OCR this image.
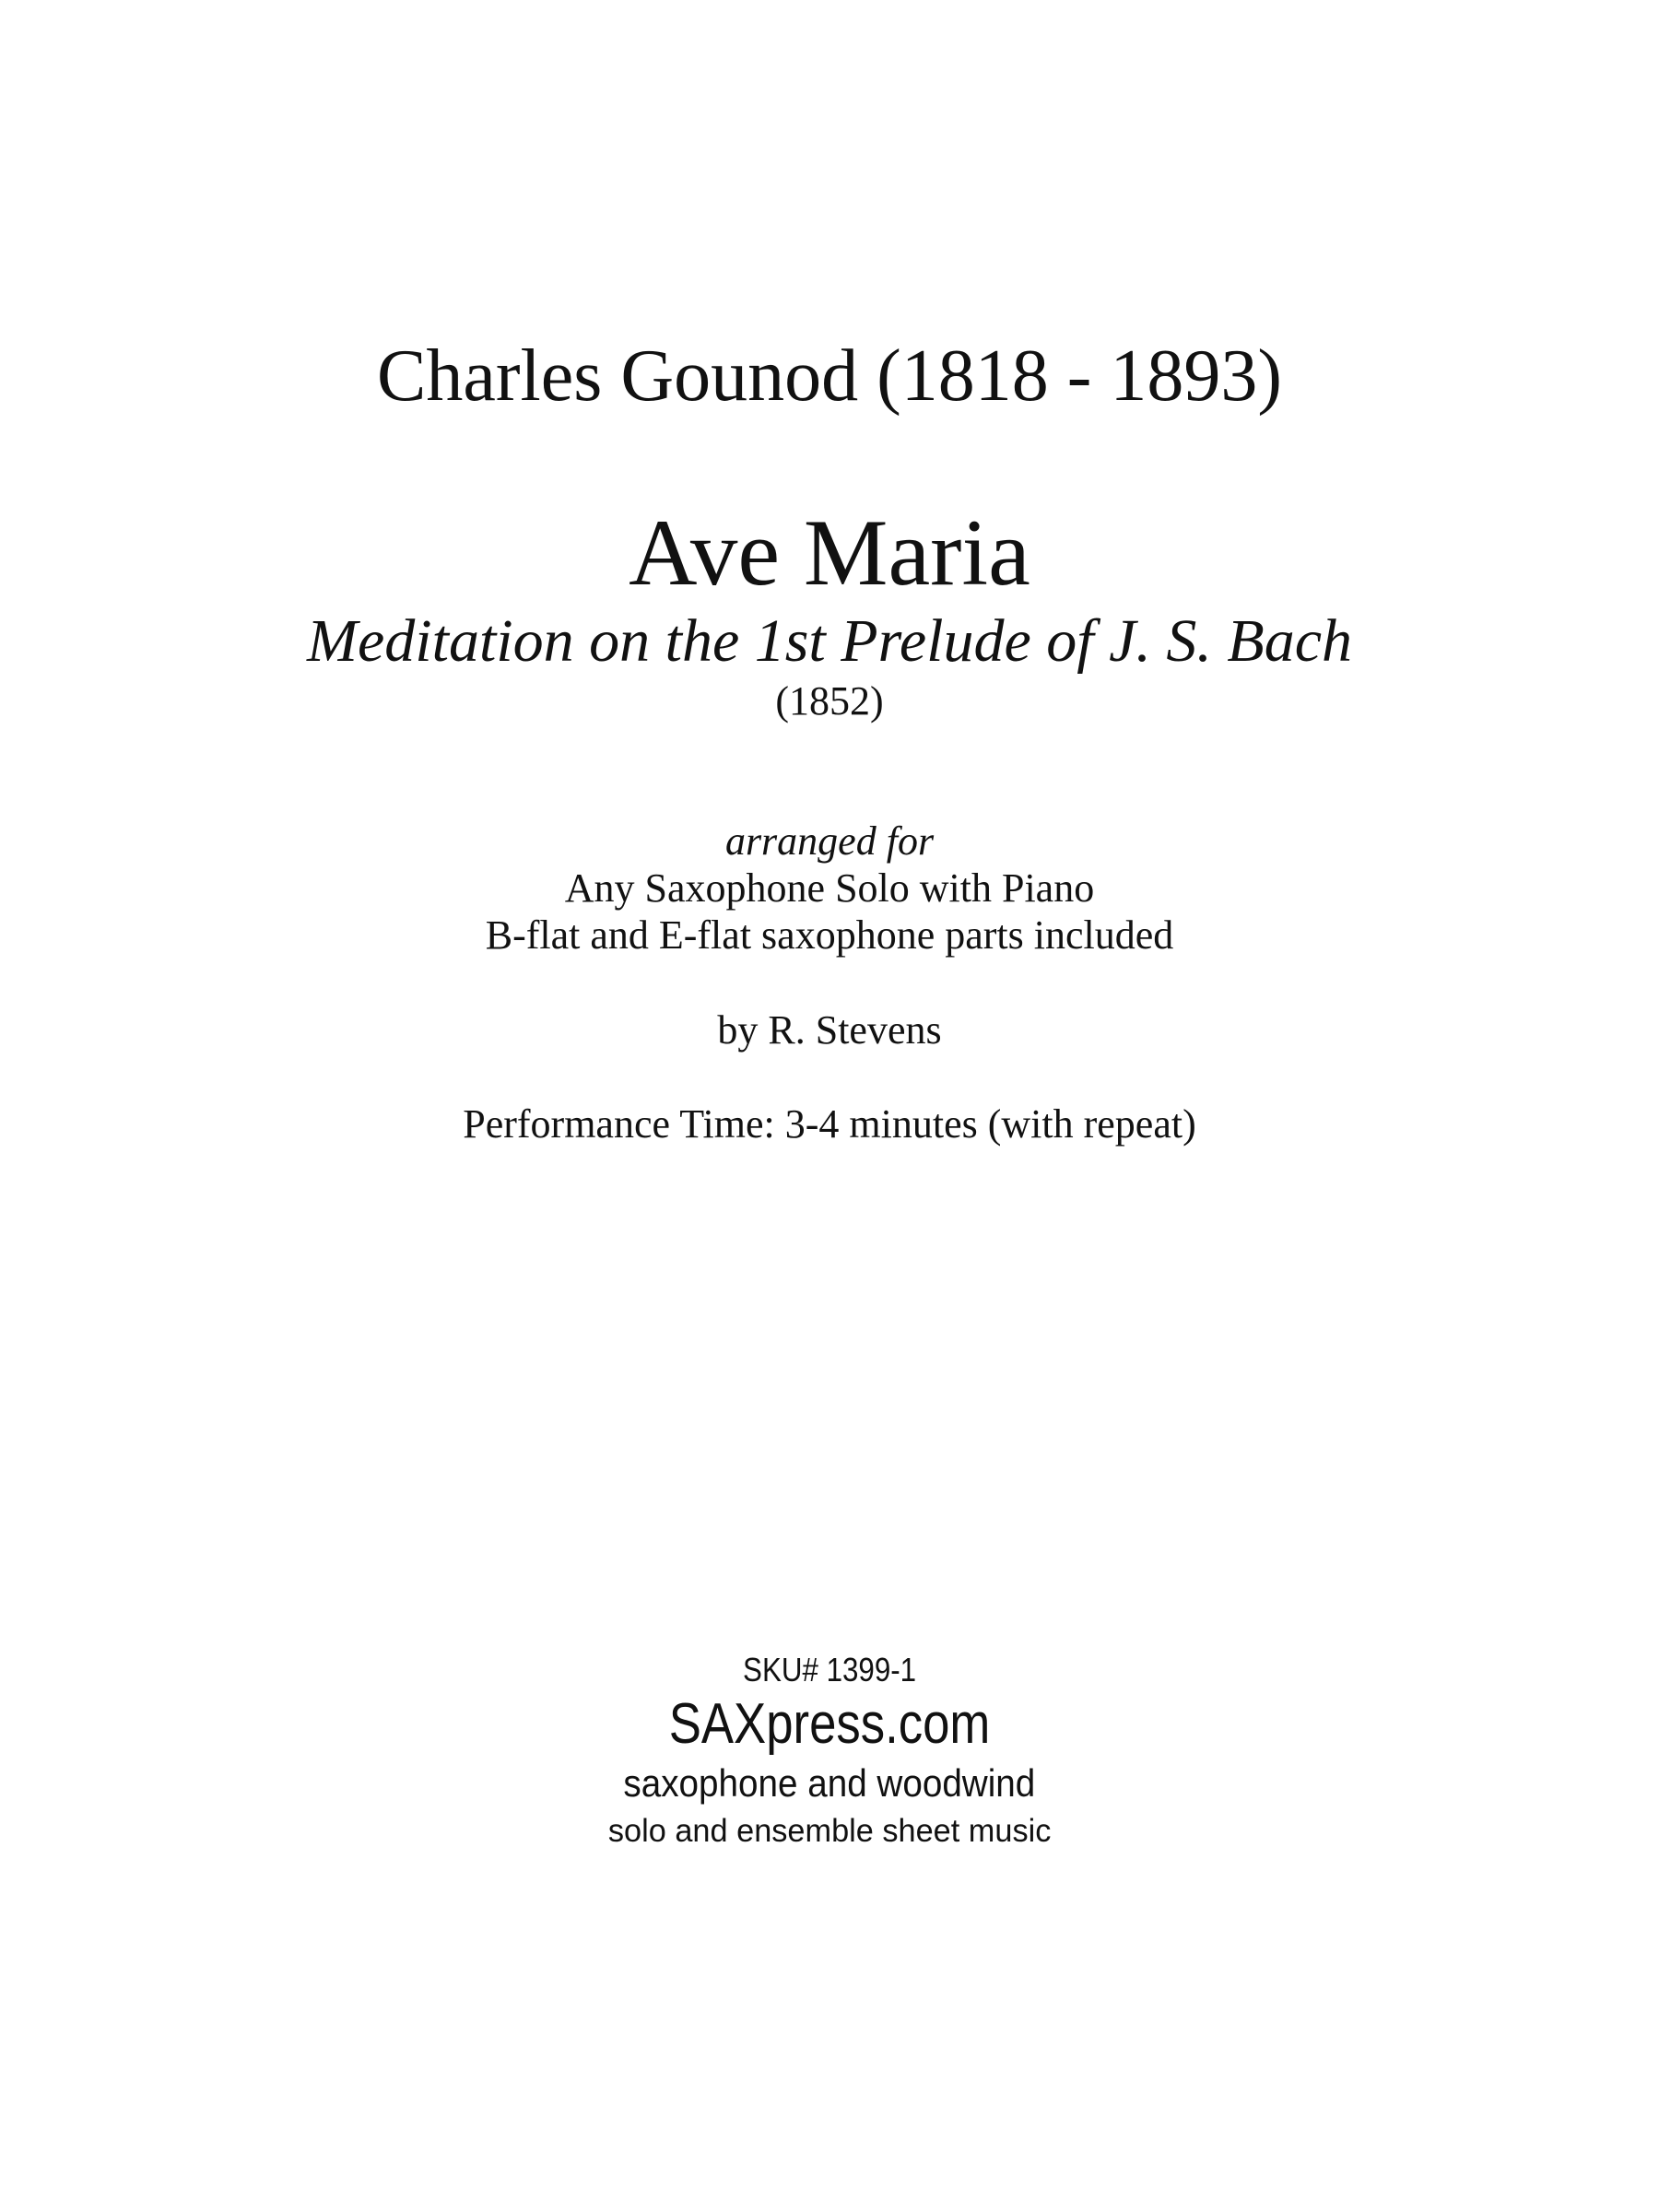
Charles Gounod (1818 - 1893)

Ave Maria

Meditation on the 1st Prelude of J. S. Bach

(1852)

arranged for

Any Saxophone Solo with Piano

B-flat and E-flat saxophone parts included

by R. Stevens

Performance Time: 3-4 minutes (with repeat)

SKU# 1399-1

SAXpress.com

saxophone and woodwind

solo and ensemble sheet music
